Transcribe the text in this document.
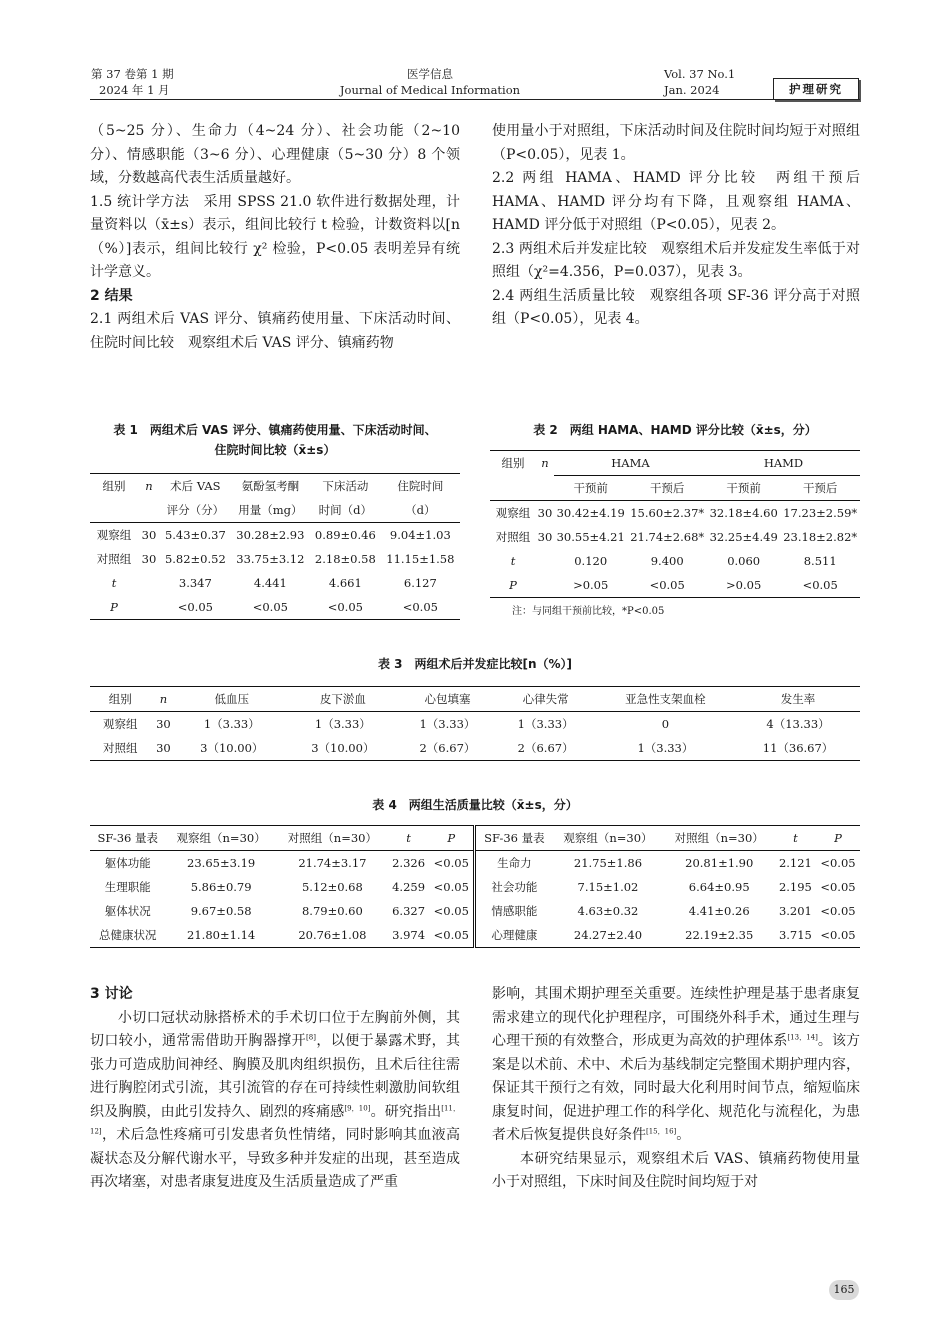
第 37 卷第 1 期
2024 年 1 月
医学信息
Journal of Medical Information
Vol. 37 No.1
Jan. 2024	护理研究

（5~25 分）、生命力（4~24 分）、社会功能（2~10 分）、情感职能（3~6 分）、心理健康（5~30 分）8 个领域，分数越高代表生活质量越好。

1.5 统计学方法　采用 SPSS 21.0 软件进行数据处理，计量资料以（x̄±s）表示，组间比较行 t 检验，计数资料以[n（%）]表示，组间比较行 χ² 检验，P<0.05 表明差异有统计学意义。

2 结果

2.1 两组术后 VAS 评分、镇痛药使用量、下床活动时间、住院时间比较　观察组术后 VAS 评分、镇痛药物

使用量小于对照组，下床活动时间及住院时间均短于对照组（P<0.05），见表 1。

2.2 两组 HAMA、HAMD 评分比较　两组干预后 HAMA、HAMD 评分均有下降，且观察组 HAMA、HAMD 评分低于对照组（P<0.05），见表 2。

2.3 两组术后并发症比较　观察组术后并发症发生率低于对照组（χ²=4.356，P=0.037），见表 3。

2.4 两组生活质量比较　观察组各项 SF-36 评分高于对照组（P<0.05），见表 4。

表 1　两组术后 VAS 评分、镇痛药使用量、下床活动时间、
住院时间比较（x̄±s）
组别	n	术后 VAS	氨酚氢考酮	下床活动	住院时间
		评分（分）	用量（mg）	时间（d）	（d）
观察组	30	5.43±0.37	30.28±2.93	0.89±0.46	9.04±1.03
对照组	30	5.82±0.52	33.75±3.12	2.18±0.58	11.15±1.58
t		3.347	4.441	4.661	6.127
P		<0.05	<0.05	<0.05	<0.05
表 2　两组 HAMA、HAMD 评分比较（x̄±s，分）
组别	n	HAMA		HAMD	
		干预前	干预后	干预前	干预后
观察组	30	30.42±4.19	15.60±2.37*	32.18±4.60	17.23±2.59*
对照组	30	30.55±4.21	21.74±2.68*	32.25±4.49	23.18±2.82*
t		0.120	9.400	0.060	8.511
P		>0.05	<0.05	>0.05	<0.05
注：与同组干预前比较，*P<0.05
表 3　两组术后并发症比较[n（%）]
组别	n	低血压	皮下淤血	心包填塞	心律失常	亚急性支架血栓	发生率
观察组	30	1（3.33）	1（3.33）	1（3.33）	1（3.33）	0	4（13.33）
对照组	30	3（10.00）	3（10.00）	2（6.67）	2（6.67）	1（3.33）	11（36.67）
表 4　两组生活质量比较（x̄±s，分）
SF-36 量表	观察组（n=30）	对照组（n=30）	t	P	SF-36 量表	观察组（n=30）	对照组（n=30）	t	P
躯体功能	23.65±3.19	21.74±3.17	2.326	<0.05	生命力	21.75±1.86	20.81±1.90	2.121	<0.05
生理职能	5.86±0.79	5.12±0.68	4.259	<0.05	社会功能	7.15±1.02	6.64±0.95	2.195	<0.05
躯体状况	9.67±0.58	8.79±0.60	6.327	<0.05	情感职能	4.63±0.32	4.41±0.26	3.201	<0.05
总健康状况	21.80±1.14	20.76±1.08	3.974	<0.05	心理健康	24.27±2.40	22.19±2.35	3.715	<0.05

3 讨论

小切口冠状动脉搭桥术的手术切口位于左胸前外侧，其切口较小，通常需借助开胸器撑开[8]，以便于暴露术野，其张力可造成肋间神经、胸膜及肌肉组织损伤，且术后往往需进行胸腔闭式引流，其引流管的存在可持续性刺激肋间软组织及胸膜，由此引发持久、剧烈的疼痛感[9，10]。研究指出[11，12]，术后急性疼痛可引发患者负性情绪，同时影响其血液高凝状态及分解代谢水平，导致多种并发症的出现，甚至造成再次堵塞，对患者康复进度及生活质量造成了严重

影响，其围术期护理至关重要。连续性护理是基于患者康复需求建立的现代化护理程序，可围绕外科手术，通过生理与心理干预的有效整合，形成更为高效的护理体系[13，14]。该方案是以术前、术中、术后为基线制定完整围术期护理内容，保证其干预行之有效，同时最大化利用时间节点，缩短临床康复时间，促进护理工作的科学化、规范化与流程化，为患者术后恢复提供良好条件[15，16]。

本研究结果显示，观察组术后 VAS、镇痛药物使用量小于对照组，下床时间及住院时间均短于对

165
